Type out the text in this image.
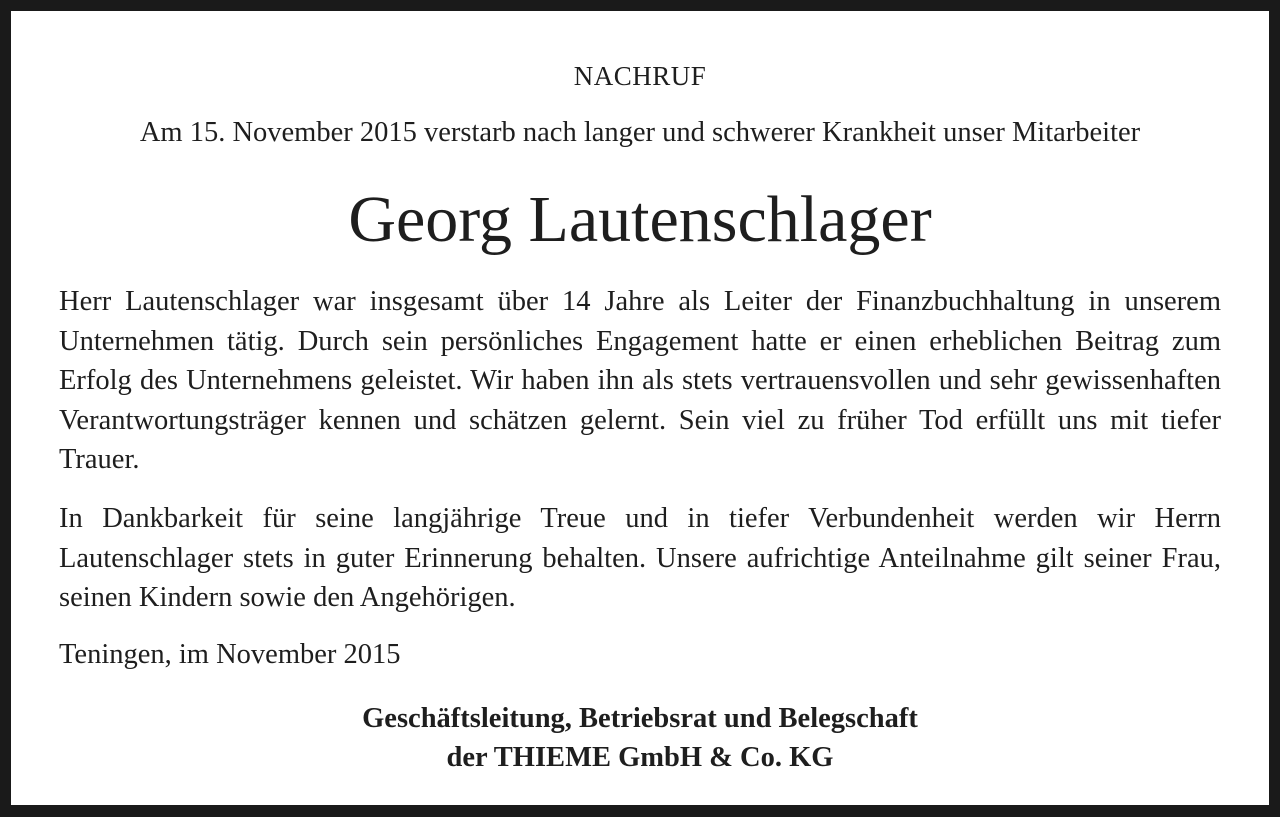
NACHRUF
Am 15. November 2015 verstarb nach langer und schwerer Krankheit unser Mitarbeiter
Georg Lautenschlager
Herr Lautenschlager war insgesamt über 14 Jahre als Leiter der Finanzbuchhaltung in unserem Unternehmen tätig. Durch sein persönliches Engagement hatte er einen erheblichen Beitrag zum Erfolg des Unternehmens geleistet. Wir haben ihn als stets vertrauensvollen und sehr gewissenhaften Verantwortungsträger kennen und schätzen gelernt. Sein viel zu früher Tod erfüllt uns mit tiefer Trauer.
In Dankbarkeit für seine langjährige Treue und in tiefer Verbundenheit werden wir Herrn Lautenschlager stets in guter Erinnerung behalten. Unsere aufrichtige Anteilnahme gilt seiner Frau, seinen Kindern sowie den Angehörigen.
Teningen, im November 2015
Geschäftsleitung, Betriebsrat und Belegschaft
der THIEME GmbH & Co. KG
